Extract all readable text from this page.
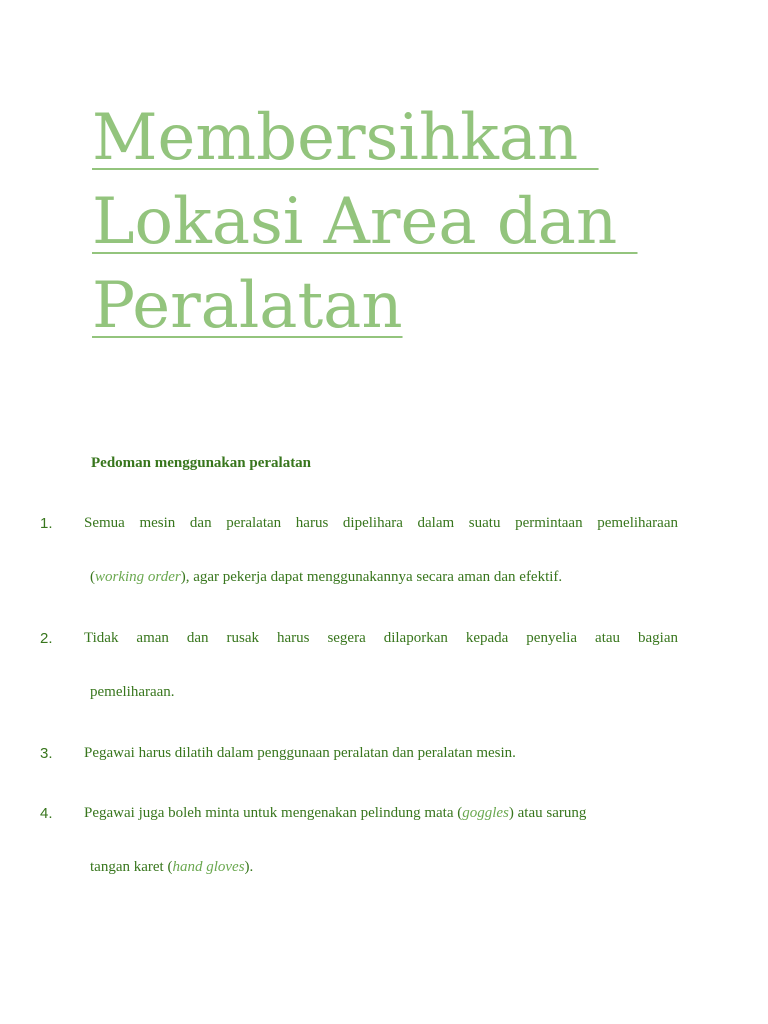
Membersihkan
Lokasi Area dan
Peralatan
Pedoman menggunakan peralatan
1. Semua mesin dan peralatan harus dipelihara dalam suatu permintaan pemeliharaan
(working order), agar pekerja dapat menggunakannya secara aman dan efektif.
2. Tidak aman dan rusak harus segera dilaporkan kepada penyelia atau bagian
pemeliharaan.
3. Pegawai harus dilatih dalam penggunaan peralatan dan peralatan mesin.
4. Pegawai juga boleh minta untuk mengenakan pelindung mata (goggles) atau sarung
tangan karet (hand gloves).
